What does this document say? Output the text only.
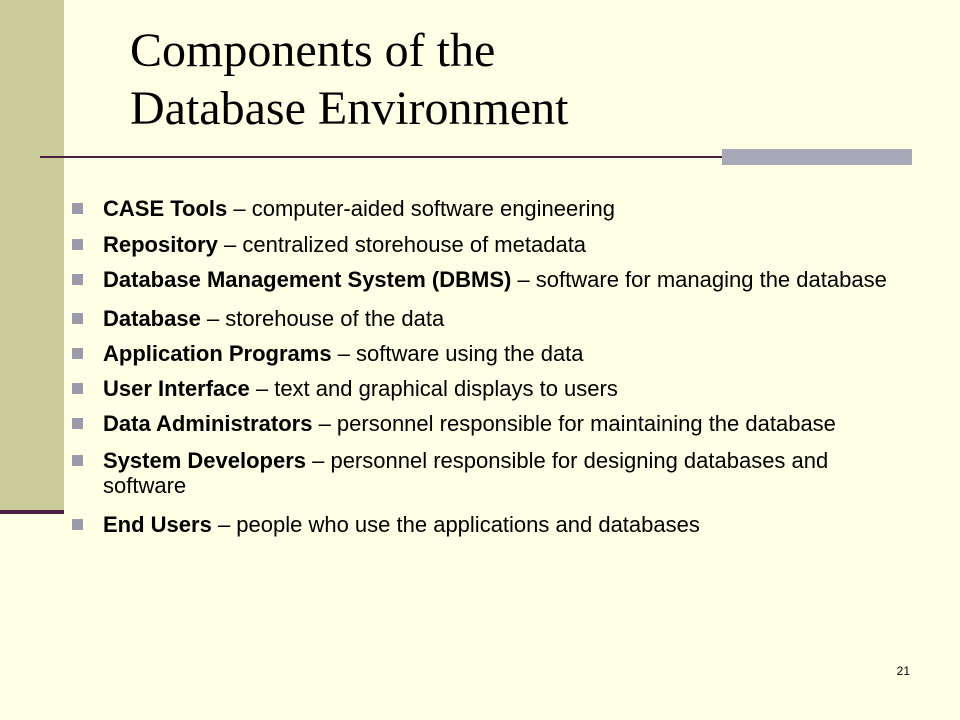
Components of the
Database Environment
CASE Tools – computer-aided software engineering
Repository – centralized storehouse of metadata
Database Management System (DBMS) – software for managing the database
Database – storehouse of the data
Application Programs – software using the data
User Interface – text and graphical displays to users
Data Administrators – personnel responsible for maintaining the database
System Developers – personnel responsible for designing databases and software
End Users – people who use the applications and databases
21
